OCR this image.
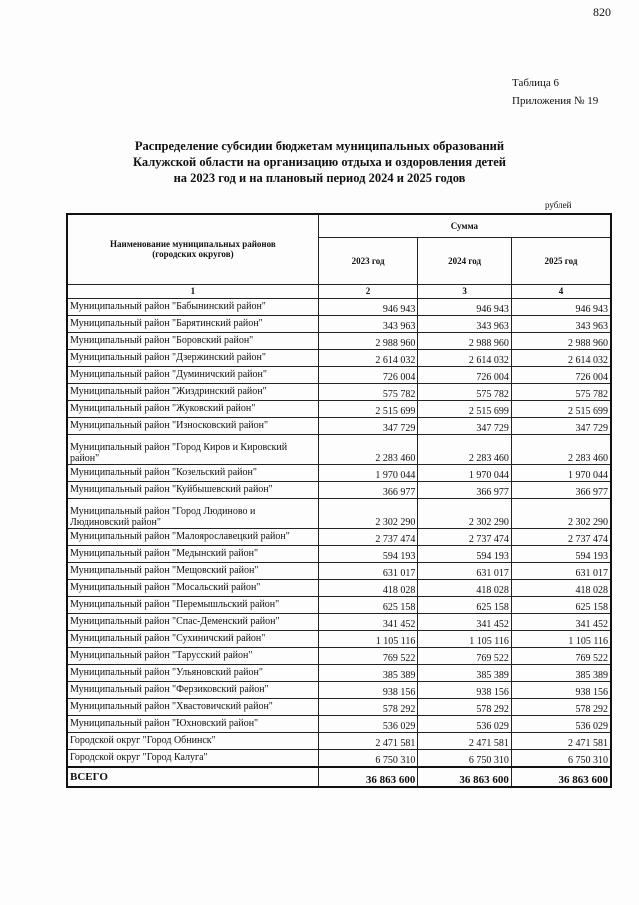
820
Таблица 6
Приложения № 19
Распределение субсидии бюджетам муниципальных образований
Калужской области на организацию отдыха и оздоровления детей
на 2023 год и на плановый период 2024 и 2025 годов
рублей
Наименование муниципальных районов (городских округов)	Сумма		
	2023 год	2024 год	2025 год
1	2	3	4
Муниципальный район "Бабынинский район"	946 943	946 943	946 943
Муниципальный район "Барятинский район"	343 963	343 963	343 963
Муниципальный район "Боровский район"	2 988 960	2 988 960	2 988 960
Муниципальный район "Дзержинский район"	2 614 032	2 614 032	2 614 032
Муниципальный район "Думиничский район"	726 004	726 004	726 004
Муниципальный район "Жиздринский район"	575 782	575 782	575 782
Муниципальный район "Жуковский район"	2 515 699	2 515 699	2 515 699
Муниципальный район "Износковский район"	347 729	347 729	347 729
Муниципальный район "Город Киров и Кировский район"	2 283 460	2 283 460	2 283 460
Муниципальный район "Козельский район"	1 970 044	1 970 044	1 970 044
Муниципальный район "Куйбышевский район"	366 977	366 977	366 977
Муниципальный район "Город Людиново и Людиновский район"	2 302 290	2 302 290	2 302 290
Муниципальный район "Малоярославецкий район"	2 737 474	2 737 474	2 737 474
Муниципальный район "Медынский район"	594 193	594 193	594 193
Муниципальный район "Мещовский район"	631 017	631 017	631 017
Муниципальный район "Мосальский район"	418 028	418 028	418 028
Муниципальный район "Перемышльский район"	625 158	625 158	625 158
Муниципальный район "Спас-Деменский район"	341 452	341 452	341 452
Муниципальный район "Сухиничский район"	1 105 116	1 105 116	1 105 116
Муниципальный район "Тарусский район"	769 522	769 522	769 522
Муниципальный район "Ульяновский район"	385 389	385 389	385 389
Муниципальный район "Ферзиковский район"	938 156	938 156	938 156
Муниципальный район "Хвастовичский район"	578 292	578 292	578 292
Муниципальный район "Юхновский район"	536 029	536 029	536 029
Городской округ "Город Обнинск"	2 471 581	2 471 581	2 471 581
Городской округ "Город Калуга"	6 750 310	6 750 310	6 750 310
ВСЕГО	36 863 600	36 863 600	36 863 600
